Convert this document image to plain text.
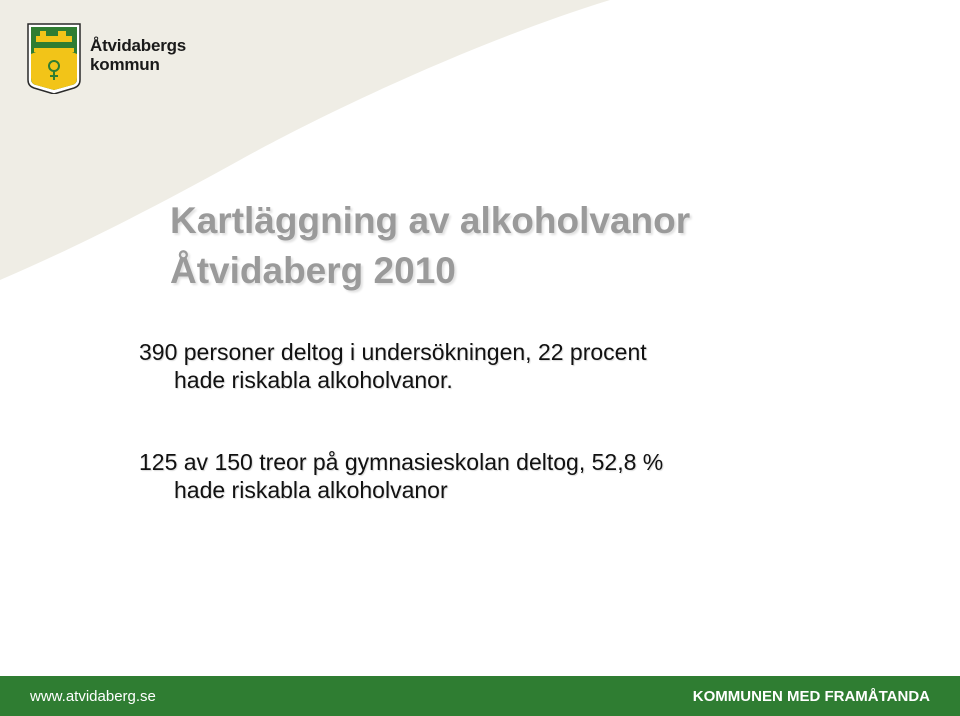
Åtvidabergs
kommun
Kartläggning av alkoholvanor
Åtvidaberg 2010

390 personer deltog i undersökningen, 22 procent
hade riskabla alkoholvanor.

125 av 150 treor på gymnasieskolan deltog, 52,8 %
hade riskabla alkoholvanor

www.atvidaberg.se	KOMMUNEN MED FRAMÅTANDA
